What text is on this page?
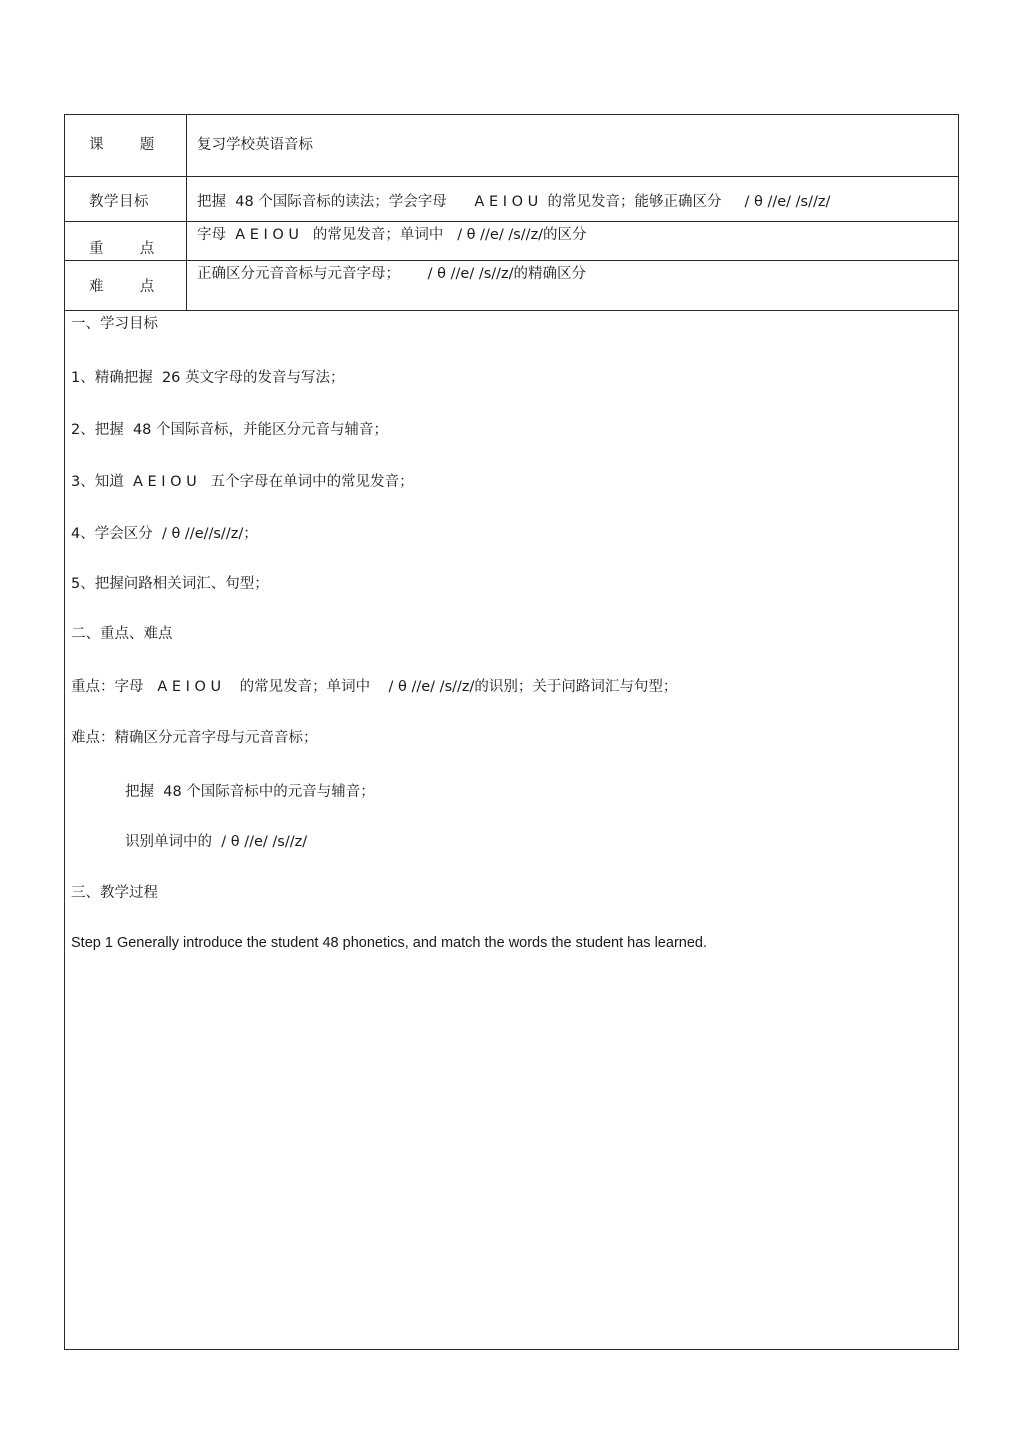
课       题	复习学校英语音标
教学目标	把握  48 个国际音标的读法；学会字母      A E I O U  的常见发音；能够正确区分     / θ //e/ /s//z/
重       点
字母  A E I O U   的常见发音；单词中   / θ //e/ /s//z/的区分
难       点
正确区分元音音标与元音字母；      / θ //e/ /s//z/的精确区分
一、学习目标
1、精确把握  26 英文字母的发音与写法；
2、把握  48 个国际音标，并能区分元音与辅音；
3、知道  A E I O U   五个字母在单词中的常见发音；
4、学会区分  / θ //e//s//z/；
5、把握问路相关词汇、句型；
二、重点、难点
重点：字母   A E I O U    的常见发音；单词中    / θ //e/ /s//z/的识别；关于问路词汇与句型；
难点：精确区分元音字母与元音音标；
把握  48 个国际音标中的元音与辅音；
识别单词中的  / θ //e/ /s//z/
三、教学过程
Step 1 Generally introduce the student 48 phonetics, and match the words the student has learned.
